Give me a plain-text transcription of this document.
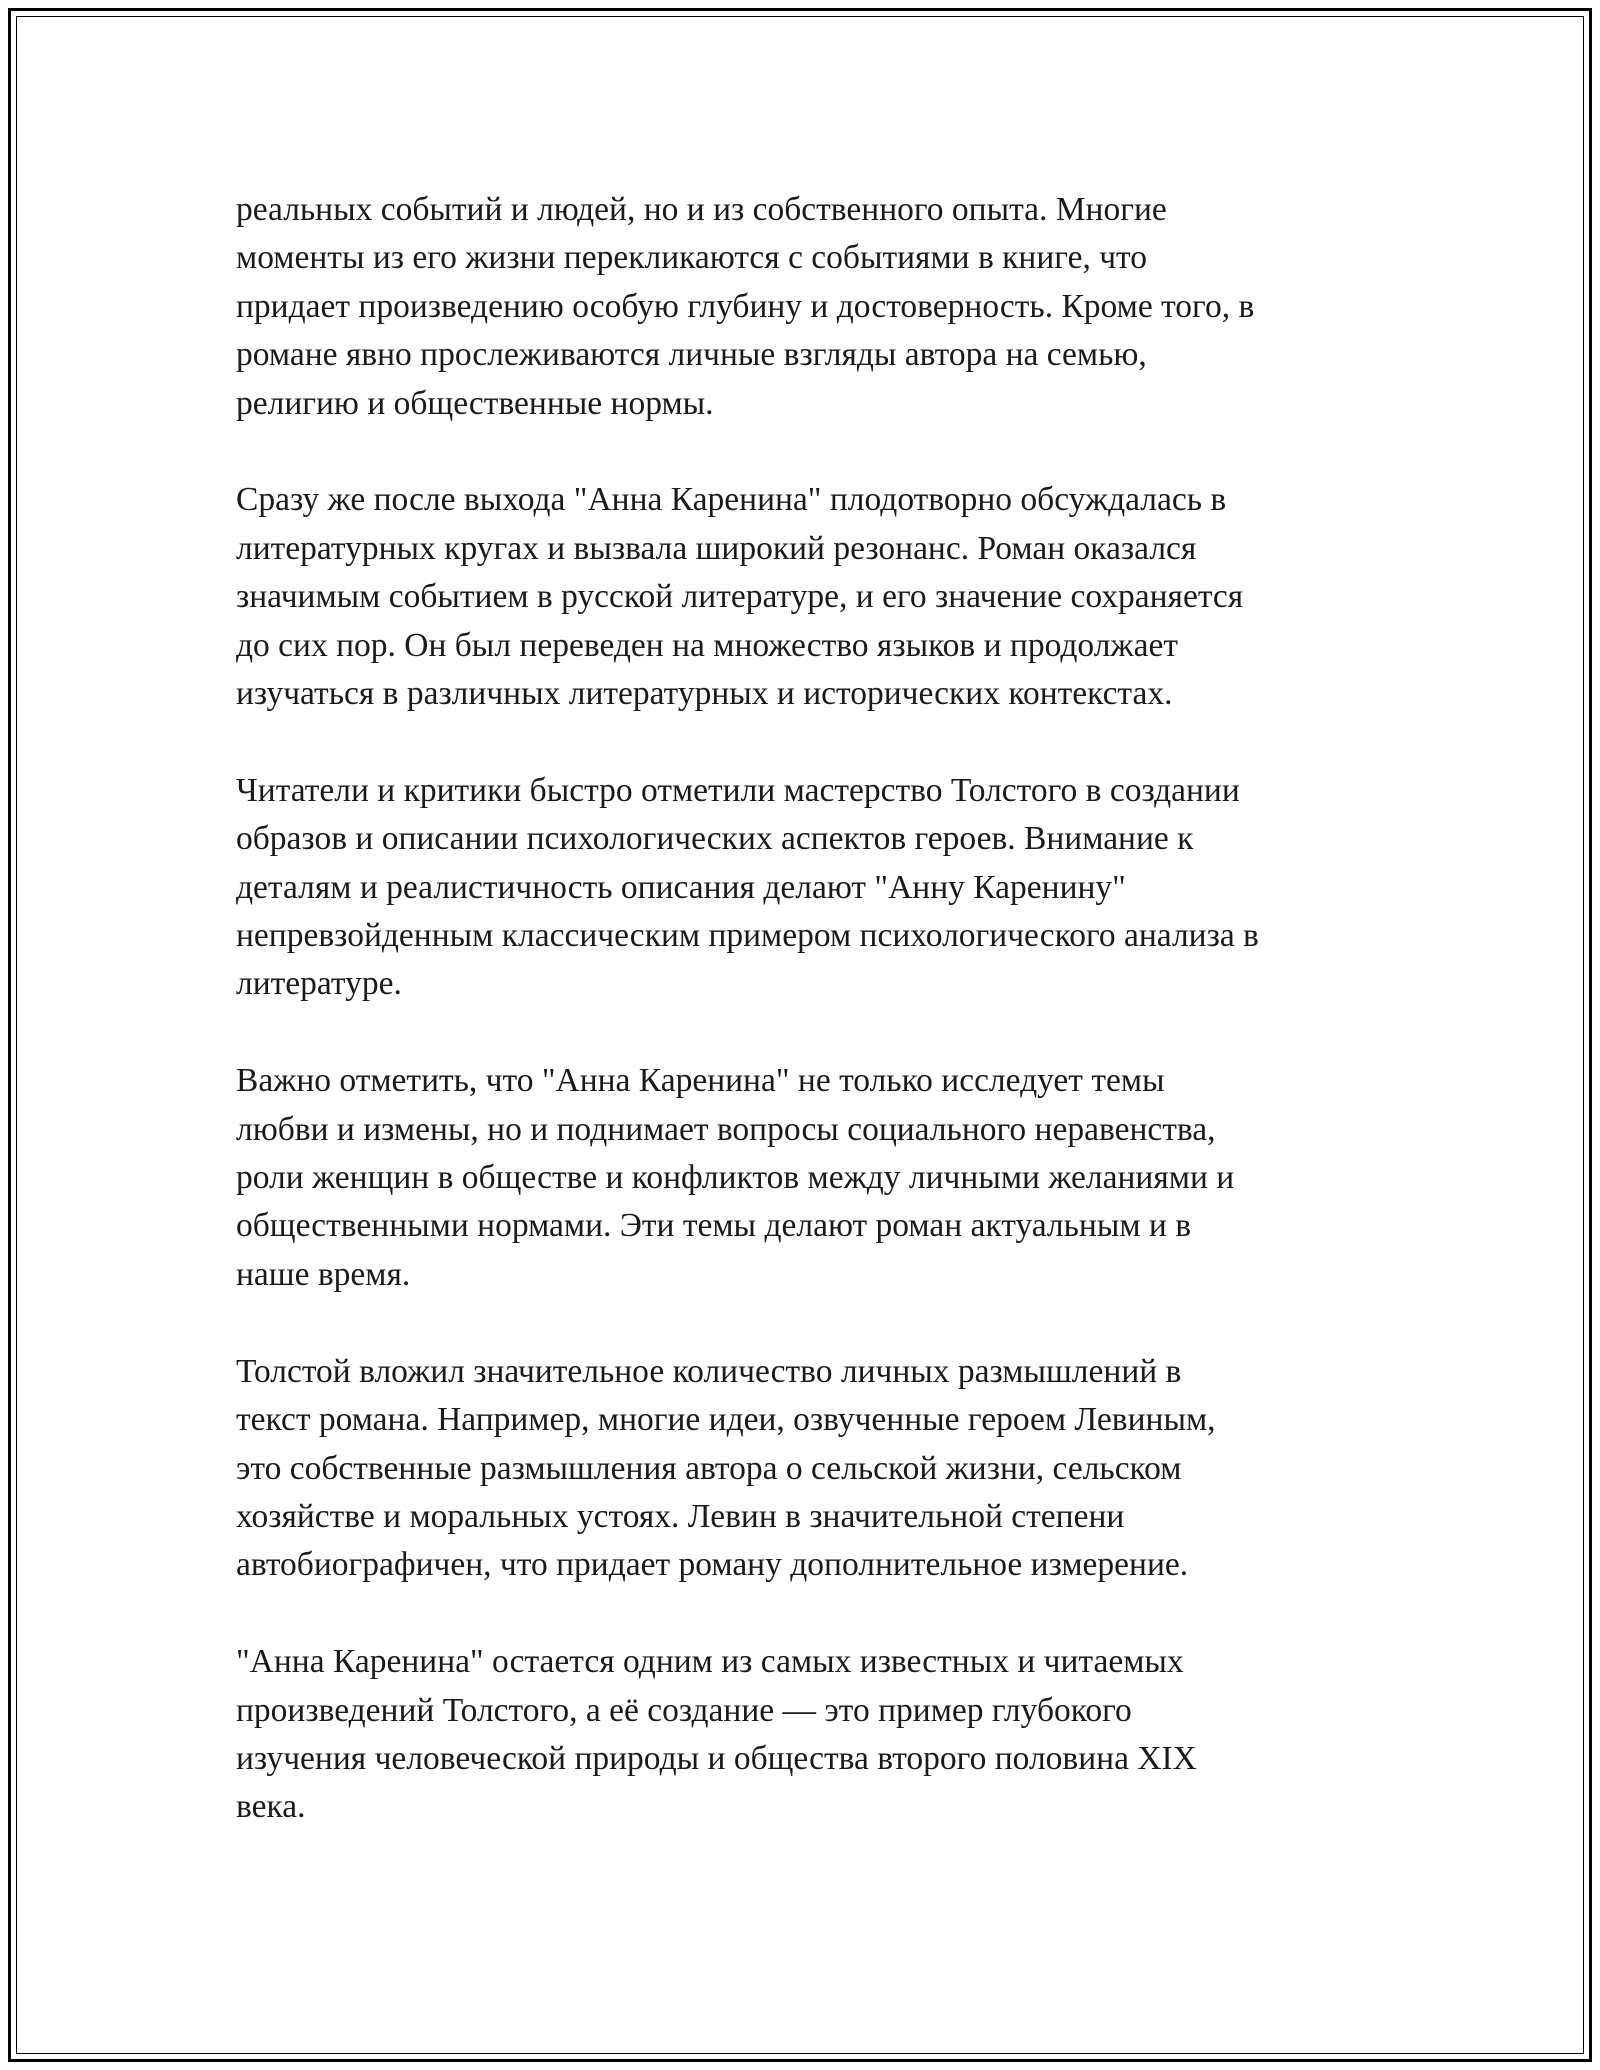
реальных событий и людей, но и из собственного опыта. Многие
моменты из его жизни перекликаются с событиями в книге, что
придает произведению особую глубину и достоверность. Кроме того, в
романе явно прослеживаются личные взгляды автора на семью,
религию и общественные нормы.

Сразу же после выхода "Анна Каренина" плодотворно обсуждалась в
литературных кругах и вызвала широкий резонанс. Роман оказался
значимым событием в русской литературе, и его значение сохраняется
до сих пор. Он был переведен на множество языков и продолжает
изучаться в различных литературных и исторических контекстах.

Читатели и критики быстро отметили мастерство Толстого в создании
образов и описании психологических аспектов героев. Внимание к
деталям и реалистичность описания делают "Анну Каренину"
непревзойденным классическим примером психологического анализа в
литературе.

Важно отметить, что "Анна Каренина" не только исследует темы
любви и измены, но и поднимает вопросы социального неравенства,
роли женщин в обществе и конфликтов между личными желаниями и
общественными нормами. Эти темы делают роман актуальным и в
наше время.

Толстой вложил значительное количество личных размышлений в
текст романа. Например, многие идеи, озвученные героем Левиным,
это собственные размышления автора о сельской жизни, сельском
хозяйстве и моральных устоях. Левин в значительной степени
автобиографичен, что придает роману дополнительное измерение.

"Анна Каренина" остается одним из самых известных и читаемых
произведений Толстого, а её создание — это пример глубокого
изучения человеческой природы и общества второго половина XIX
века.
